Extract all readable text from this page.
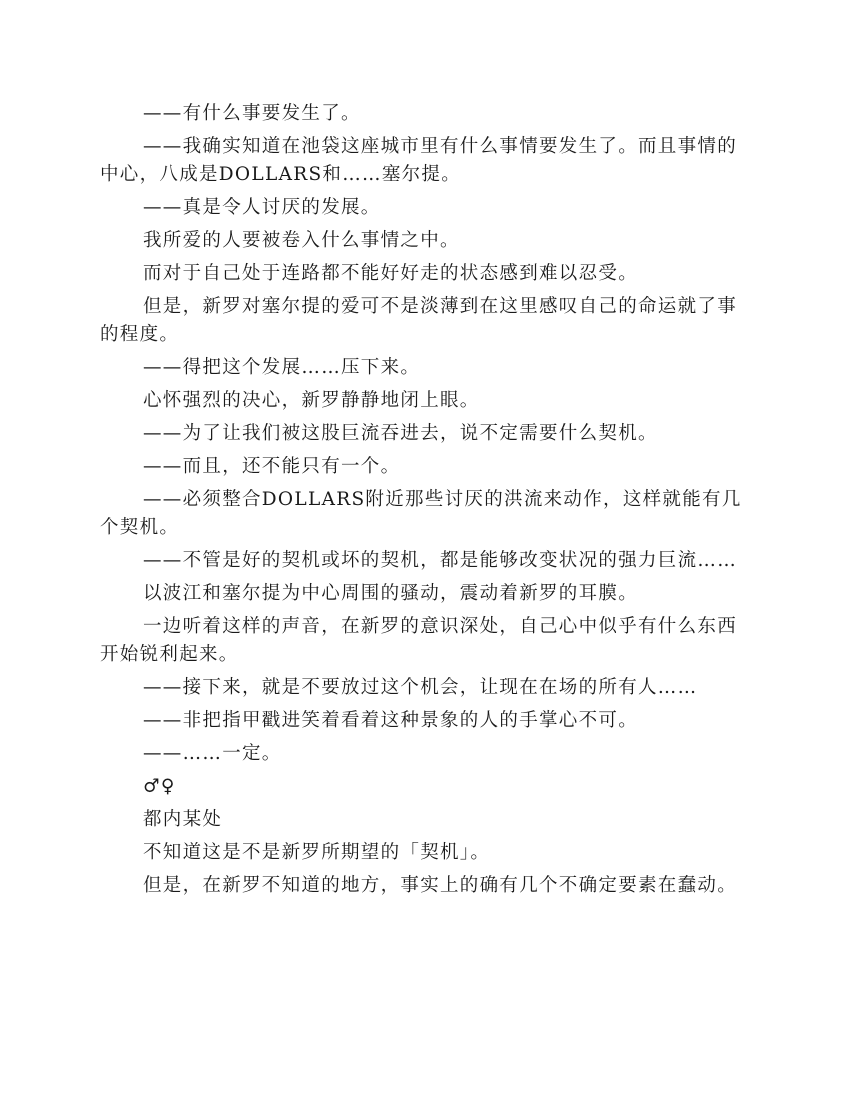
——有什么事要发生了。

——我确实知道在池袋这座城市里有什么事情要发生了。而且事情的中心，八成是DOLLARS和……塞尔提。

——真是令人讨厌的发展。

我所爱的人要被卷入什么事情之中。

而对于自己处于连路都不能好好走的状态感到难以忍受。

但是，新罗对塞尔提的爱可不是淡薄到在这里感叹自己的命运就了事的程度。

——得把这个发展……压下来。

心怀强烈的决心，新罗静静地闭上眼。

——为了让我们被这股巨流吞进去，说不定需要什么契机。

——而且，还不能只有一个。

——必须整合DOLLARS附近那些讨厌的洪流来动作，这样就能有几个契机。

——不管是好的契机或坏的契机，都是能够改变状况的强力巨流……

以波江和塞尔提为中心周围的骚动，震动着新罗的耳膜。

一边听着这样的声音，在新罗的意识深处，自己心中似乎有什么东西开始锐利起来。

——接下来，就是不要放过这个机会，让现在在场的所有人……

——非把指甲戳进笑着看着这种景象的人的手掌心不可。

——……一定。

♂♀

都内某处

不知道这是不是新罗所期望的「契机」。

但是，在新罗不知道的地方，事实上的确有几个不确定要素在蠢动。
